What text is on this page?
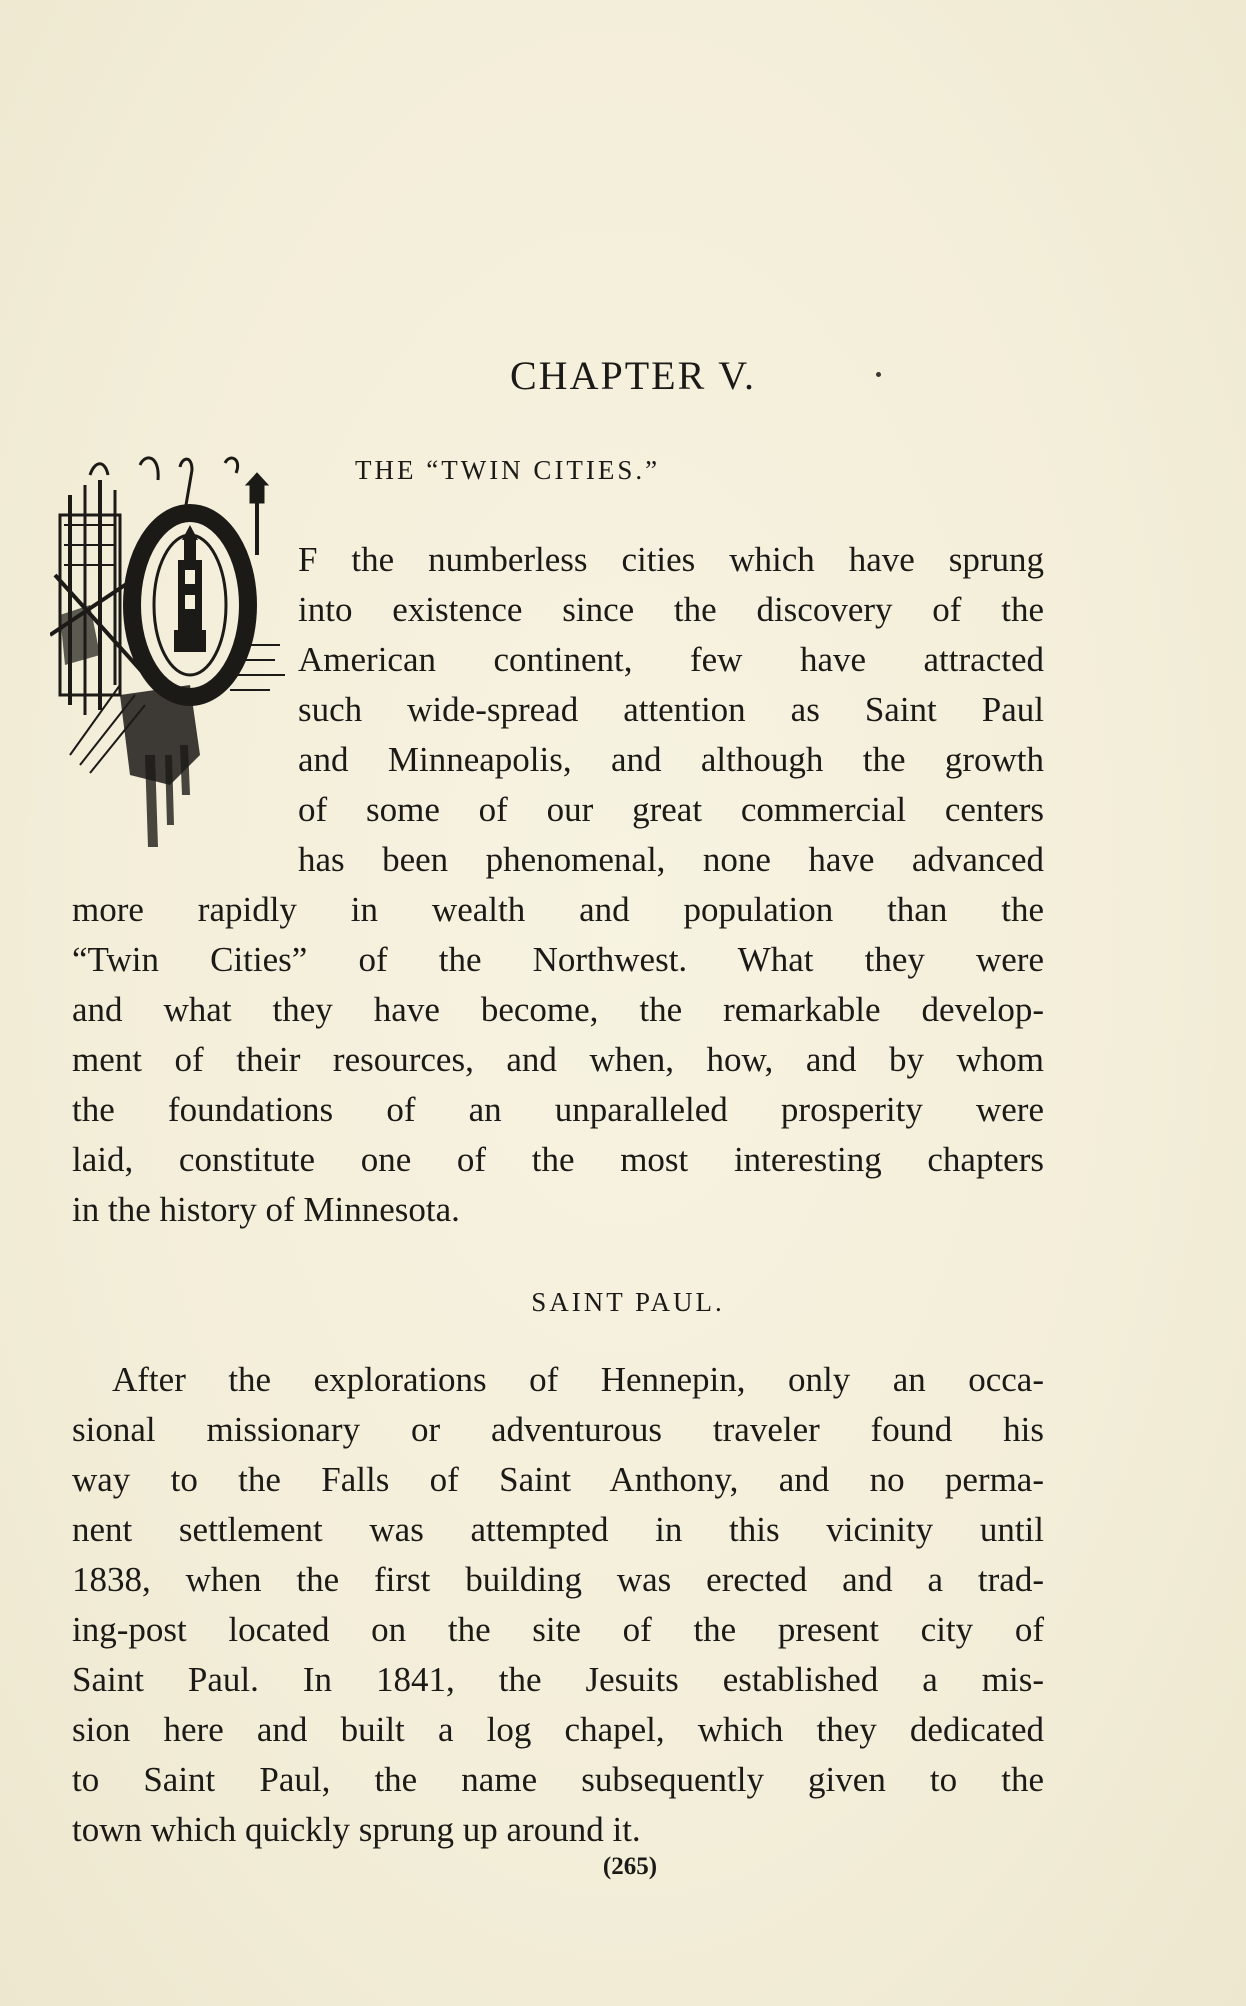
CHAPTER V.
THE “TWIN CITIES.”
F the numberless cities which have sprung
into existence since the discovery of the
American continent, few have attracted
such wide-spread attention as Saint Paul
and Minneapolis, and although the growth
of some of our great commercial centers
has been phenomenal, none have advanced
more rapidly in wealth and population than the
“Twin Cities” of the Northwest. What they were
and what they have become, the remarkable develop-
ment of their resources, and when, how, and by whom
the foundations of an unparalleled prosperity were
laid, constitute one of the most interesting chapters
in the history of Minnesota.
SAINT PAUL.
After the explorations of Hennepin, only an occa-
sional missionary or adventurous traveler found his
way to the Falls of Saint Anthony, and no perma-
nent settlement was attempted in this vicinity until
1838, when the first building was erected and a trad-
ing-post located on the site of the present city of
Saint Paul. In 1841, the Jesuits established a mis-
sion here and built a log chapel, which they dedicated
to Saint Paul, the name subsequently given to the
town which quickly sprung up around it.
(265)
